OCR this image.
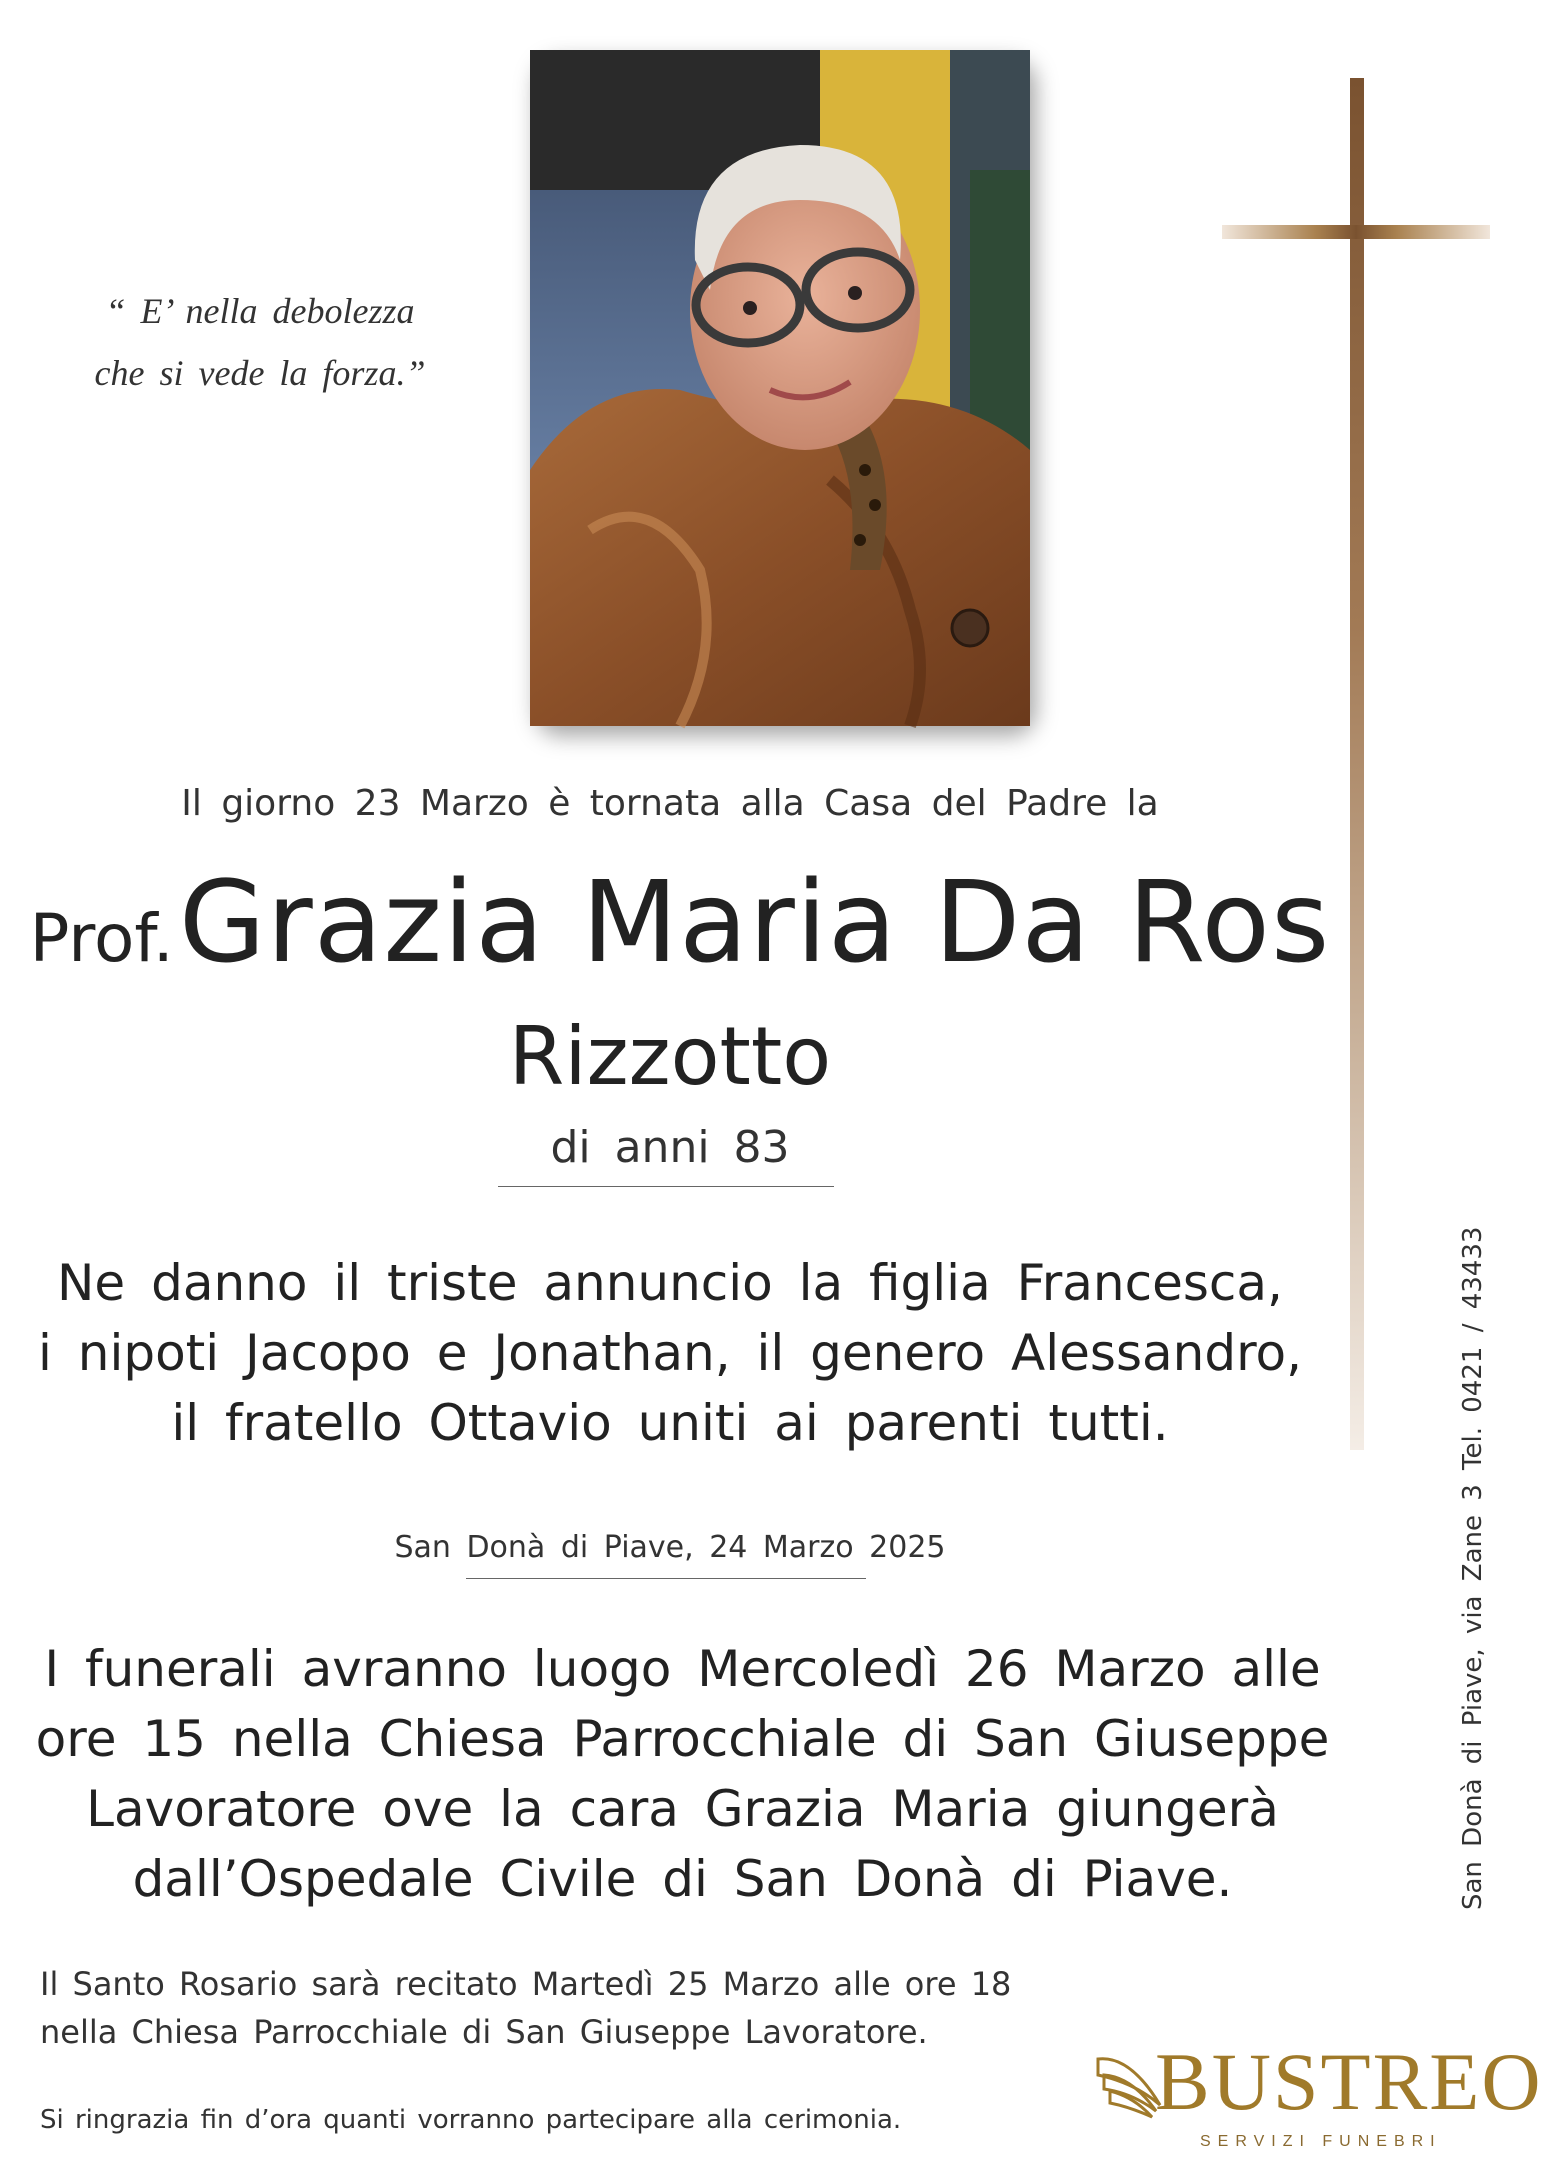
“ E’ nella debolezza
che si vede la forza.”
Il giorno 23 Marzo è tornata alla Casa del Padre la
Prof. Grazia Maria Da Ros
Rizzotto
di anni 83
Ne danno il triste annuncio la figlia Francesca,
i nipoti Jacopo e Jonathan, il genero Alessandro,
il fratello Ottavio uniti ai parenti tutti.
San Donà di Piave, 24 Marzo 2025
I funerali avranno luogo Mercoledì 26 Marzo alle
ore 15 nella Chiesa Parrocchiale di San Giuseppe
Lavoratore ove la cara Grazia Maria giungerà
dall’Ospedale Civile di San Donà di Piave.
Il Santo Rosario sarà recitato Martedì 25 Marzo alle ore 18
nella Chiesa Parrocchiale di San Giuseppe Lavoratore.
Si ringrazia fin d’ora quanti vorranno partecipare alla cerimonia.
San Donà di Piave, via Zane 3 Tel. 0421 / 43433
BUSTREO
SERVIZI FUNEBRI
